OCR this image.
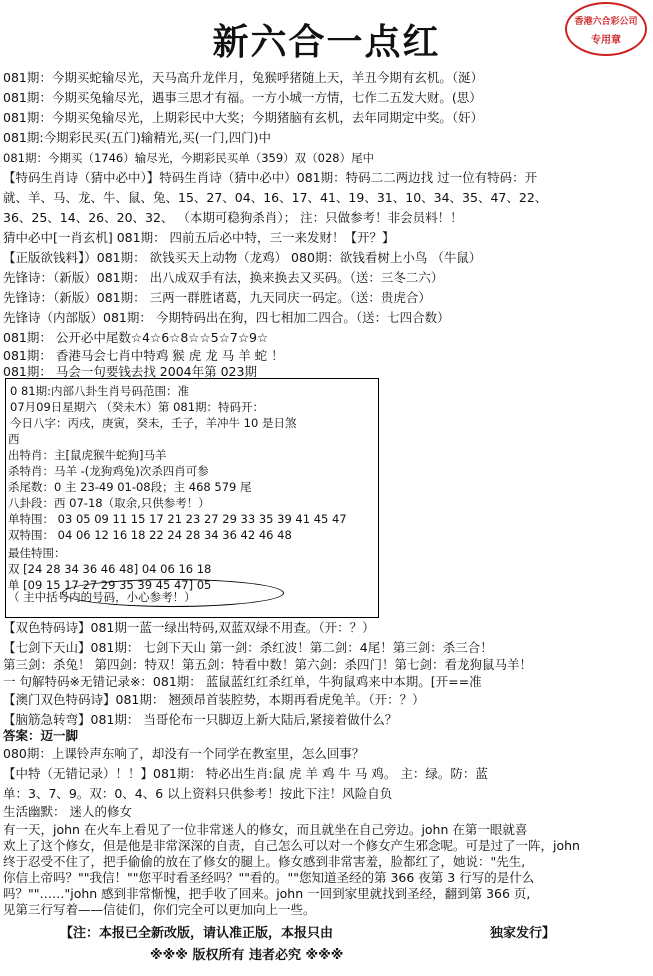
新六合一点红	香港六合彩公司
专用章
081期：今期买蛇输尽光，天马高升龙伴月，兔猴呼猪随上天，羊丑今期有玄机。（涎）
081期：今期买兔输尽光，遇事三思才有福。一方小城一方情，七作二五发大财。(思）
081期：今期买兔输尽光，上期彩民中大奖；今期猪脑有玄机，去年同期定中奖。（奸）
081期:今期彩民买(五门)输精光,买(一门,四门)中
081期：今期买（1746）输尽光，今期彩民买单（359）双（028）尾中
【特码生肖诗（猜中必中）】特码生肖诗（猜中必中）081期：特码二二两边找 过一位有特码：开
就、羊、马、龙、牛、鼠、兔、15、27、04、16、17、41、19、31、10、34、35、47、22、
36、25、14、26、20、32、 （本期可稳狗杀肖）； 注：只做参考！非会员料！！
猜中必中[一肖玄机] 081期： 四前五后必中特，三一来发财！【开？】
【正版欲钱料】）081期： 欲钱买天上动物（龙鸡） 080期：欲钱看树上小鸟 （牛鼠）
先锋诗：（新版）081期： 出八成双手有法，换来换去又买码。（送：三冬二六）
先锋诗：（新版）081期： 三两一群胜诸葛，九天同庆一码定。（送：贵虎合）
先锋诗（内部版）081期： 今期特码出在狗，四七相加二四合。（送：七四合数）
081期： 公开必中尾数☆4☆6☆8☆☆5☆7☆9☆
081期： 香港马会七肖中特鸡 猴 虎 龙 马 羊 蛇 ！
081期： 马会一句要钱去找 2004年第 023期
0 81期:内部八卦生肖号码范围：准
07月09日星期六 （癸未木）第 081期：特码开：
今日八字：丙戌，庚寅，癸未，壬子，羊冲牛 10 是日煞
西
出特肖：主[鼠虎猴牛蛇狗]马羊
杀特肖：马羊 -(龙狗鸡兔)次杀四肖可参
杀尾数：0 主 23-49 01-08段；主 468 579 尾
八卦段：西 07-18（取余,只供参考！）
单特围： 03 05 09 11 15 17 21 23 27 29 33 35 39 41 45 47
双特围： 04 06 12 16 18 22 24 28 34 36 42 46 48
最佳特围：
双 [24 28 34 36 46 48] 04 06 16 18
单 [09 15 17 27 29 35 39 45 47] 05
（ 主中括号内的号码，小心参考！）
【双色特码诗】081期一蓝一绿出特码,双蓝双绿不用查。（开：？）
【七剑下天山】081期： 七剑下天山 第一剑：杀红波！第二剑：4尾！第三剑：杀三合！
第三剑：杀兔！ 第四剑：特双！第五剑：特看中数！第六剑：杀四门！第七剑：看龙狗鼠马羊！
一 句解特码※无错记录※：081期： 蓝鼠蓝红红杀红单，牛狗鼠鸡来中本期。[开==准
【澳门双色特码诗】081期： 翘颈昂首装腔势，本期再看虎兔羊。（开：？）
【脑筋急转弯】081期： 当哥伦布一只脚迈上新大陆后,紧接着做什么？
答案：迈一脚
080期：上课铃声东响了，却没有一个同学在教室里，怎么回事？
【中特（无错记录）！！】081期： 特必出生肖:鼠 虎 羊 鸡 牛 马 鸡。 主：绿。防：蓝
单：3、7、9。双：0、4、6 以上资料只供参考！按此下注！风险自负
生活幽默： 迷人的修女
有一天，john 在火车上看见了一位非常迷人的修女，而且就坐在自己旁边。john 在第一眼就喜
欢上了这个修女，但是他是非常深深的自责，自己怎么可以对一个修女产生邪念呢。可是过了一阵，john
终于忍受不住了，把手偷偷的放在了修女的腿上。修女感到非常害羞，脸都红了，她说："先生,
你信上帝吗？""我信！""您平时看圣经吗？""看的。""您知道圣经的第 366 夜第 3 行写的是什么
吗？""……"john 感到非常惭愧，把手收了回来。john 一回到家里就找到圣经，翻到第 366 页,
见第三行写着——信徒们，你们完全可以更加向上一些。
【注：本报已全新改版，请认准正版，本报只由	独家发行】
※※※ 版权所有 违者必究 ※※※
